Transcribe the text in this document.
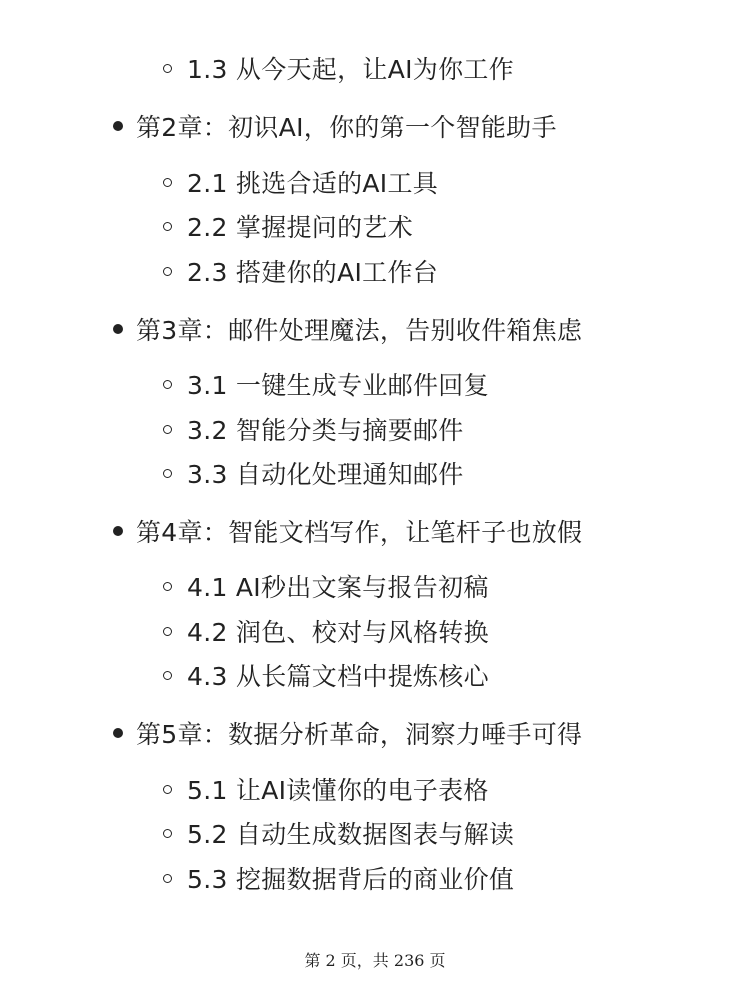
1.3 从今天起，让AI为你工作
第2章：初识AI，你的第一个智能助手
2.1 挑选合适的AI工具
2.2 掌握提问的艺术
2.3 搭建你的AI工作台
第3章：邮件处理魔法，告别收件箱焦虑
3.1 一键生成专业邮件回复
3.2 智能分类与摘要邮件
3.3 自动化处理通知邮件
第4章：智能文档写作，让笔杆子也放假
4.1 AI秒出文案与报告初稿
4.2 润色、校对与风格转换
4.3 从长篇文档中提炼核心
第5章：数据分析革命，洞察力唾手可得
5.1 让AI读懂你的电子表格
5.2 自动生成数据图表与解读
5.3 挖掘数据背后的商业价值
第 2 页，共 236 页
